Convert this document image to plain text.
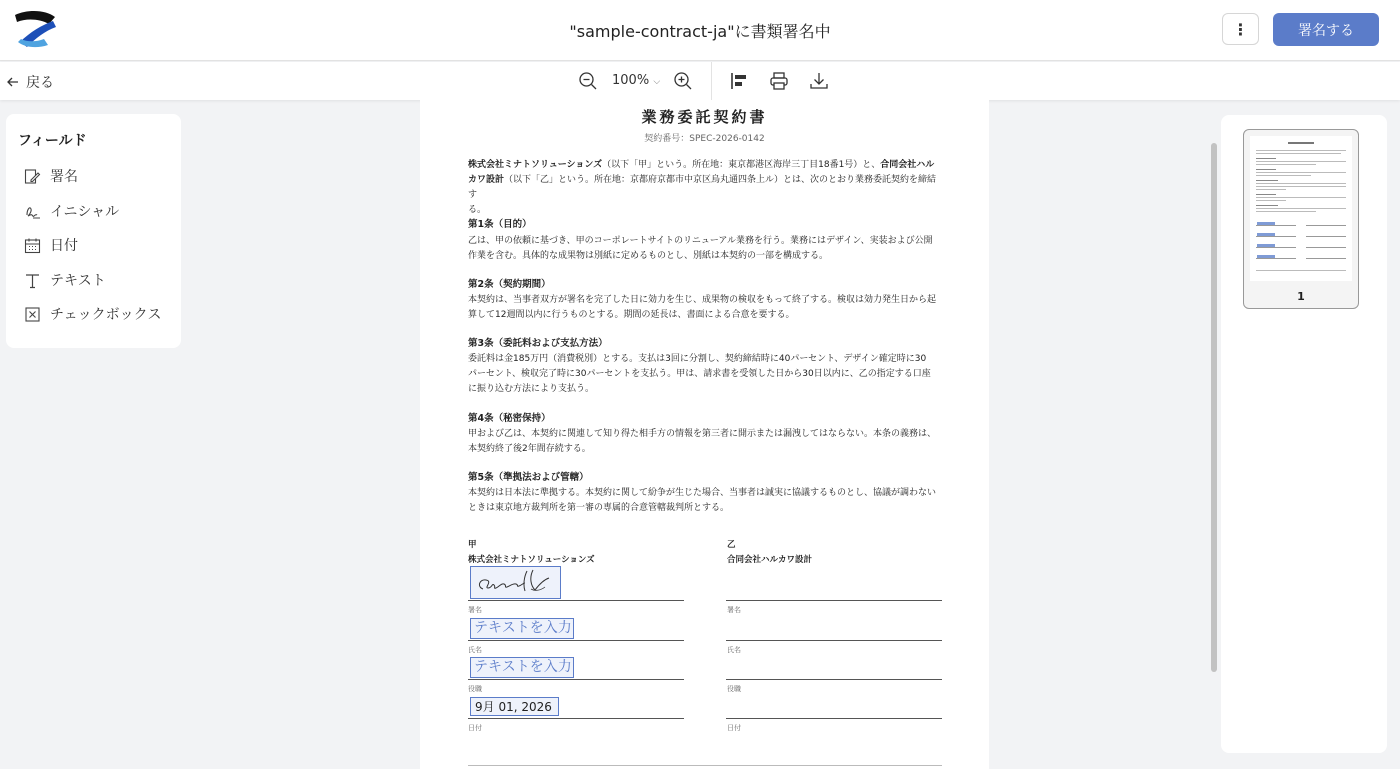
"sample-contract-ja"に書類署名中	⋮	署名する
戻る	100% ⌵
フィールド
署名
イニシャル
日付
テキスト
チェックボックス
業務委託契約書
契約番号：SPEC-2026-0142
株式会社ミナトソリューションズ（以下「甲」という。所在地：東京都港区海岸三丁目18番1号）と、合同会社ハル
カワ設計（以下「乙」という。所在地：京都府京都市中京区烏丸通四条上ル）とは、次のとおり業務委託契約を締結す
る。
第1条（目的）
乙は、甲の依頼に基づき、甲のコーポレートサイトのリニューアル業務を行う。業務にはデザイン、実装および公開
作業を含む。具体的な成果物は別紙に定めるものとし、別紙は本契約の一部を構成する。
第2条（契約期間）
本契約は、当事者双方が署名を完了した日に効力を生じ、成果物の検収をもって終了する。検収は効力発生日から起
算して12週間以内に行うものとする。期間の延長は、書面による合意を要する。
第3条（委託料および支払方法）
委託料は金185万円（消費税別）とする。支払は3回に分割し、契約締結時に40パーセント、デザイン確定時に30
パーセント、検収完了時に30パーセントを支払う。甲は、請求書を受領した日から30日以内に、乙の指定する口座
に振り込む方法により支払う。
第4条（秘密保持）
甲および乙は、本契約に関連して知り得た相手方の情報を第三者に開示または漏洩してはならない。本条の義務は、
本契約終了後2年間存続する。
第5条（準拠法および管轄）
本契約は日本法に準拠する。本契約に関して紛争が生じた場合、当事者は誠実に協議するものとし、協議が調わない
ときは東京地方裁判所を第一審の専属的合意管轄裁判所とする。
甲
株式会社ミナトソリューションズ
署名
テキストを入力
氏名
テキストを入力
役職
9月 01, 2026
日付
乙
合同会社ハルカワ設計
署名
氏名
役職
日付
1
